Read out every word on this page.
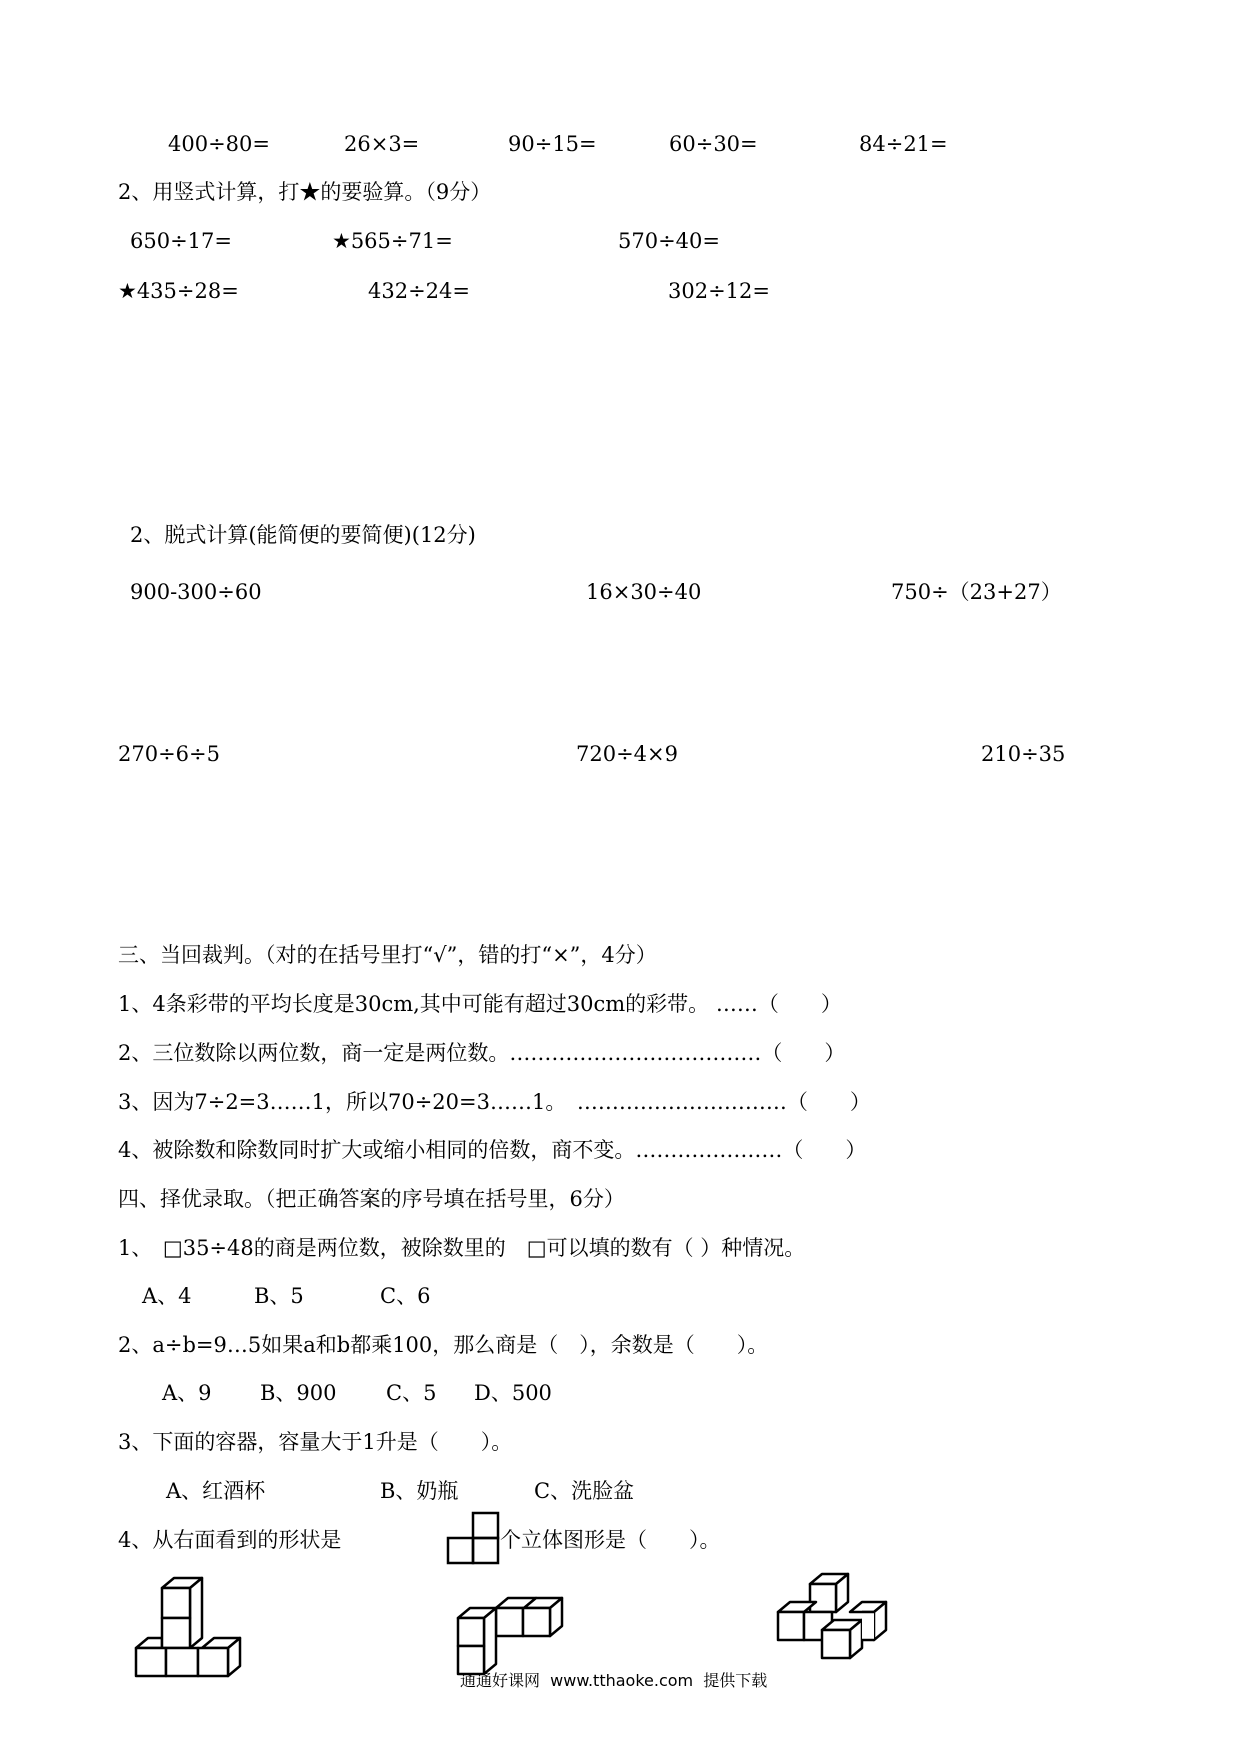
400÷80=	26×3=	90÷15=	60÷30=	84÷21=
2、用竖式计算，打★的要验算。（9分）
650÷17=	★565÷71=	570÷40=
★435÷28=	432÷24=	302÷12=
2、脱式计算(能简便的要简便)(12分)
900-300÷60	16×30÷40	750÷（23+27）
270÷6÷5	720÷4×9	210÷35
三、当回裁判。（对的在括号里打“√”，错的打“×”，4分）
1、4条彩带的平均长度是30cm,其中可能有超过30cm的彩带。 ……（　　）
2、三位数除以两位数，商一定是两位数。………………………………（　　）
3、因为7÷2=3……1，所以70÷20=3……1。　…………………………（　　）
4、被除数和除数同时扩大或缩小相同的倍数，商不变。…………………（　　）
四、择优录取。（把正确答案的序号填在括号里，6分）
1、　□35÷48的商是两位数，被除数里的　□可以填的数有（ ）种情况。
A、4	B、5	C、6
2、a÷b=9…5如果a和b都乘100，那么商是（　），余数是（　　）。
A、9 B、900 C、5 D、500
3、下面的容器，容量大于1升是（　　）。
A、红酒杯	B、奶瓶	C、洗脸盆
4、从右面看到的形状是	个立体图形是（　　）。
通通好课网  www.tthaoke.com  提供下载
